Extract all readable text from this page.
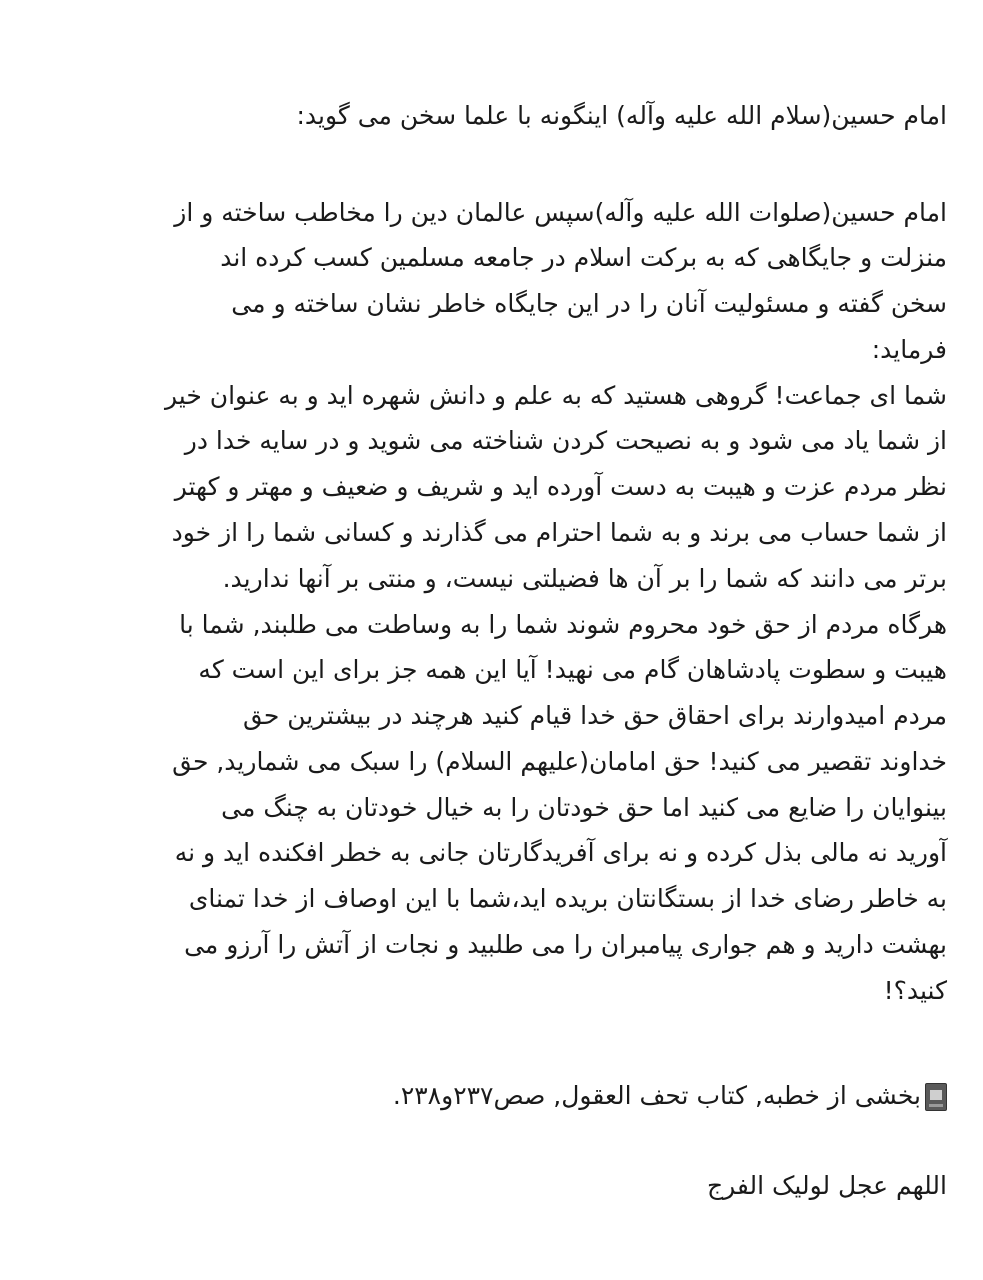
امام حسین(سلام الله علیه وآله) اینگونه با علما سخن می گوید:
امام حسین(صلوات الله علیه وآله)سپس عالمان دین را مخاطب ساخته و از
منزلت و جایگاهی که به برکت اسلام در جامعه مسلمین کسب کرده اند
سخن گفته و مسئولیت آنان را در این جایگاه خاطر نشان ساخته و می
فرماید:
شما ای جماعت! گروهی هستید که به علم و دانش شهره اید و به عنوان خیر
از شما یاد می شود و به نصیحت کردن شناخته می شوید و در سایه خدا در
نظر مردم عزت و هیبت به دست آورده اید و شریف و ضعیف و مهتر و کهتر
از شما حساب می برند و به شما احترام می گذارند و کسانی شما را از خود
برتر می دانند که شما را بر آن ها فضیلتی نیست، و منتی بر آنها ندارید.
هرگاه مردم از حق خود محروم شوند شما را به وساطت می طلبند, شما با
هیبت و سطوت پادشاهان گام می نهید! آیا این همه جز برای این است که
مردم امیدوارند برای احقاق حق خدا قیام کنید هرچند در بیشترین حق
خداوند تقصیر می کنید! حق امامان(علیهم السلام) را سبک می شمارید, حق
بینوایان را ضایع می کنید اما حق خودتان را به خیال خودتان به چنگ می
آورید نه مالی بذل کرده و نه برای آفریدگارتان جانی به خطر افکنده اید و نه
به خاطر رضای خدا از بستگانتان بریده اید،شما با این اوصاف از خدا تمنای
بهشت دارید و هم جواری پیامبران را می طلبید و نجات از آتش را آرزو می
کنید؟!
بخشی از خطبه, کتاب تحف العقول, صص۲۳۷و۲۳۸.
اللهم عجل لولیک الفرج
